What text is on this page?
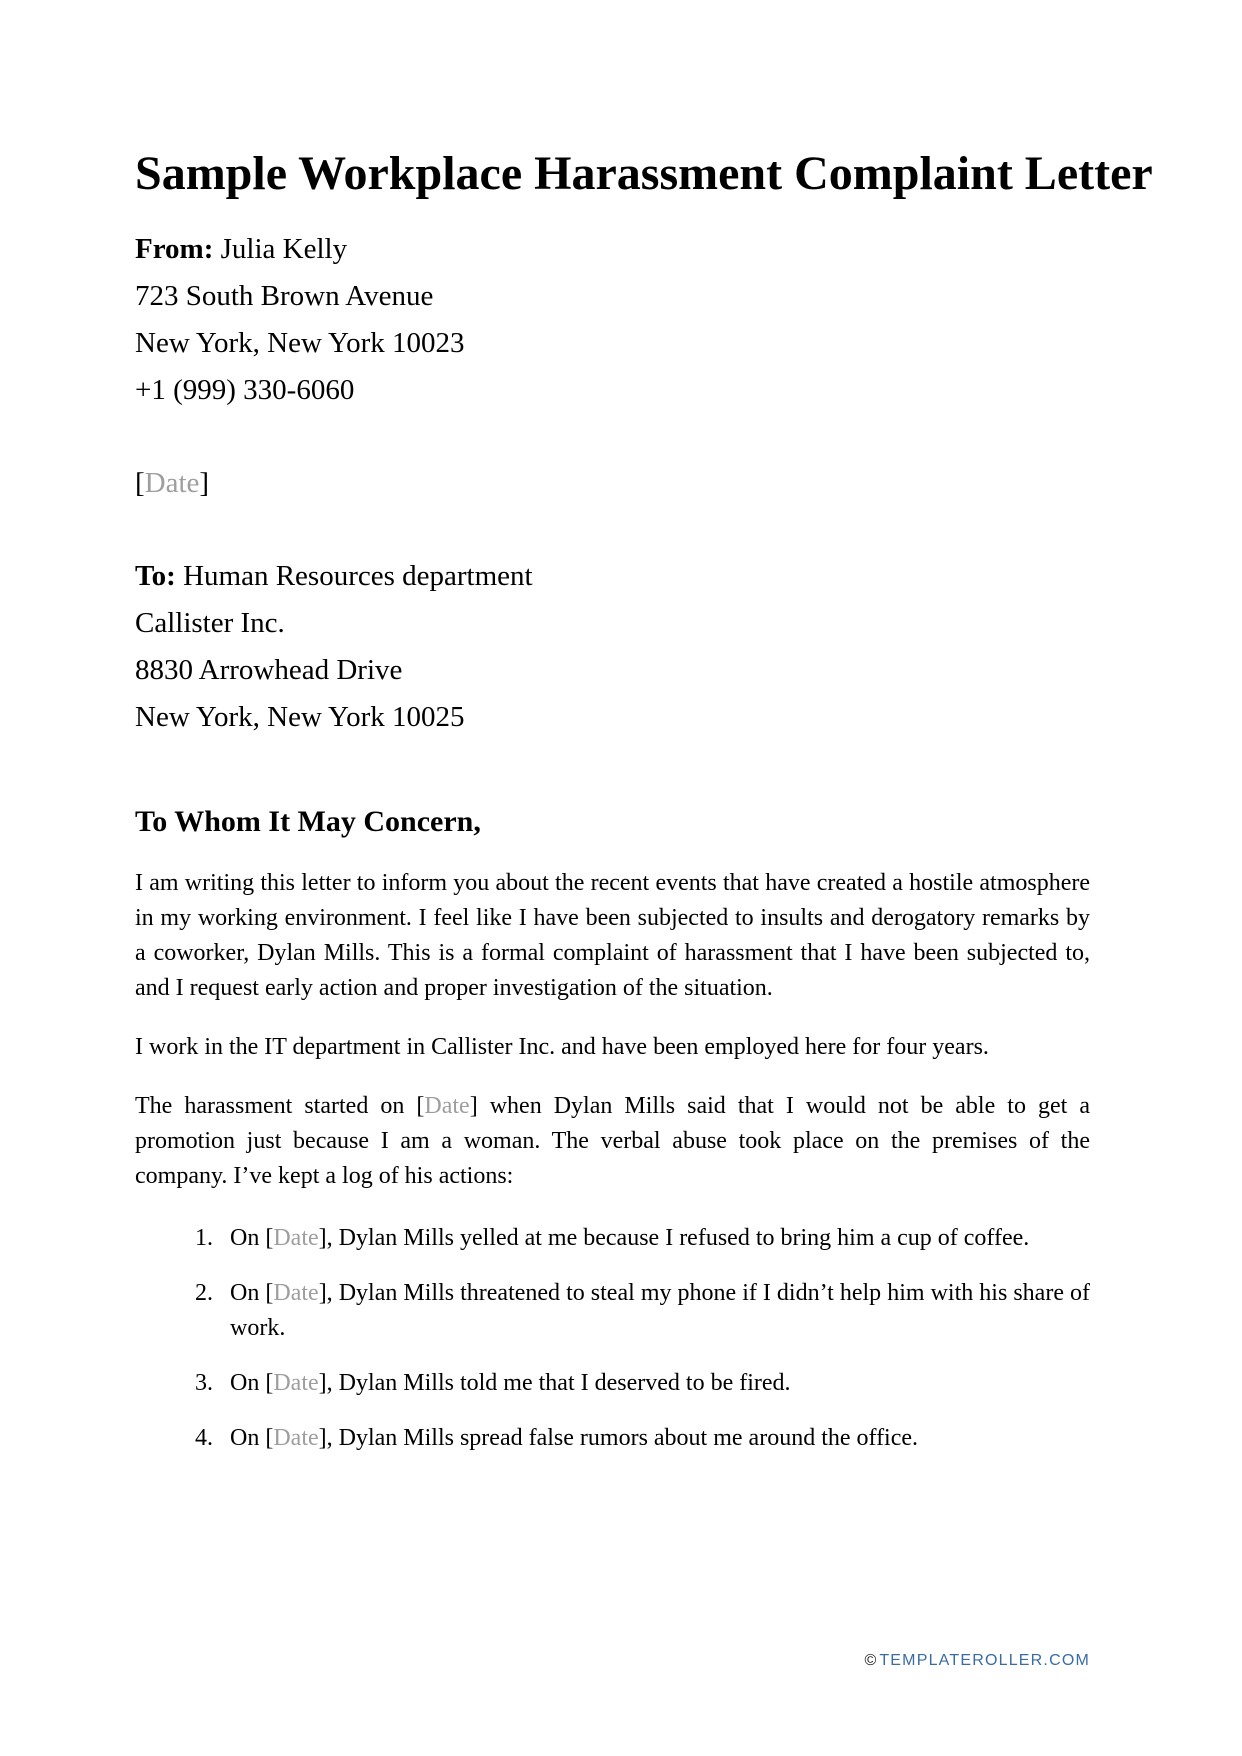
Sample Workplace Harassment Complaint Letter

From: Julia Kelly

723 South Brown Avenue

New York, New York 10023

+1 (999) 330-6060

[Date]

To: Human Resources department

Callister Inc.

8830 Arrowhead Drive

New York, New York 10025

To Whom It May Concern,

I am writing this letter to inform you about the recent events that have created a hostile atmosphere in my working environment. I feel like I have been subjected to insults and derogatory remarks by a coworker, Dylan Mills. This is a formal complaint of harassment that I have been subjected to, and I request early action and proper investigation of the situation.

I work in the IT department in Callister Inc. and have been employed here for four years.

The harassment started on [Date] when Dylan Mills said that I would not be able to get a promotion just because I am a woman. The verbal abuse took place on the premises of the company. I’ve kept a log of his actions:

1. On [Date], Dylan Mills yelled at me because I refused to bring him a cup of coffee.
2. On [Date], Dylan Mills threatened to steal my phone if I didn’t help him with his share of work.
3. On [Date], Dylan Mills told me that I deserved to be fired.
4. On [Date], Dylan Mills spread false rumors about me around the office.
© TEMPLATEROLLER.COM
